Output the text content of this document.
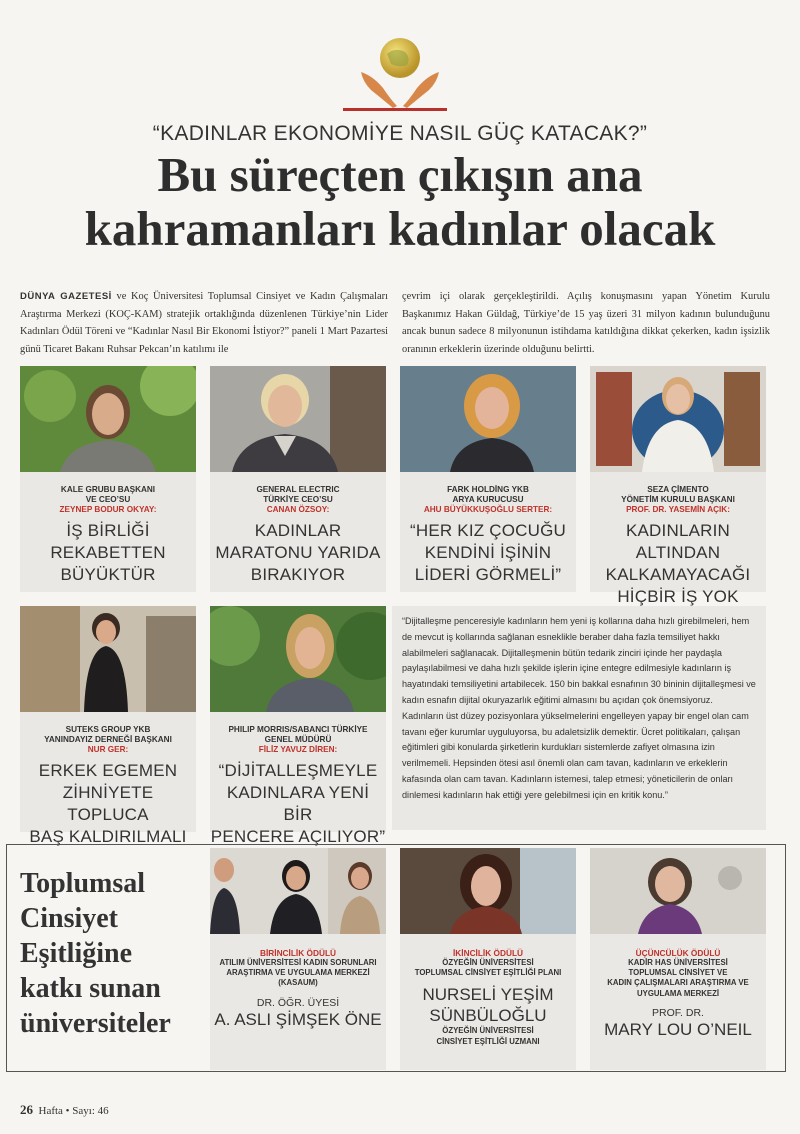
“KADINLAR EKONOMİYE NASIL GÜÇ KATACAK?”
Bu süreçten çıkışın ana
kahramanları kadınlar olacak
DÜNYA GAZETESİ ve Koç Üniversitesi Toplumsal Cinsiyet ve Kadın Çalışmaları Araştırma Merkezi (KOÇ-KAM) stratejik ortaklığında düzenlenen Türkiye’nin Lider Kadınları Ödül Töreni ve “Kadınlar Nasıl Bir Ekonomi İstiyor?” paneli 1 Mart Pazartesi günü Ticaret Bakanı Ruhsar Pekcan’ın katılımı ile
çevrim içi olarak gerçekleştirildi. Açılış konuşmasını yapan Yönetim Kurulu Başkanımız Hakan Güldağ, Türkiye’de 15 yaş üzeri 31 milyon kadının bulunduğunu ancak bunun sadece 8 milyonunun istihdama katıldığına dikkat çekerken, kadın işsizlik oranının erkeklerin üzerinde olduğunu belirtti.
KALE GRUBU BAŞKANI
VE CEO’SU
ZEYNEP BODUR OKYAY:
İŞ BİRLİĞİ
REKABETTEN
BÜYÜKTÜR
GENERAL ELECTRIC
TÜRKİYE CEO’SU
CANAN ÖZSOY:
KADINLAR
MARATONU YARIDA
BIRAKIYOR
FARK HOLDİNG YKB
ARYA KURUCUSU
AHU BÜYÜKKUŞOĞLU SERTER:
“HER KIZ ÇOCUĞU
KENDİNİ İŞİNİN
LİDERİ GÖRMELİ”
SEZA ÇİMENTO
YÖNETİM KURULU BAŞKANI
PROF. DR. YASEMİN AÇIK:
KADINLARIN ALTINDAN
KALKAMAYACAĞI
HİÇBİR İŞ YOK
SUTEKS GROUP YKB
YANINDAYIZ DERNEĞİ BAŞKANI
NUR GER:
ERKEK EGEMEN
ZİHNİYETE TOPLUCA
BAŞ KALDIRILMALI
PHILIP MORRIS/SABANCI TÜRKİYE
GENEL MÜDÜRÜ
FİLİZ YAVUZ DİREN:
“DİJİTALLEŞMEYLE
KADINLARA YENİ BİR
PENCERE AÇILIYOR”
“Dijitalleşme penceresiyle kadınların hem yeni iş kollarına daha hızlı girebilmeleri, hem de mevcut iş kollarında sağlanan esneklikle beraber daha fazla temsiliyet hakkı alabilmeleri sağlanacak. Dijitalleşmenin bütün tedarik zinciri içinde her paydaşla paylaşılabilmesi ve daha hızlı şekilde işlerin içine entegre edilmesiyle kadınların iş hayatındaki temsiliyetini artabilecek. 150 bin bakkal esnafının 30 bininin dijitalleşmesi ve kadın esnafın dijital okuryazarlık eğitimi almasını bu açıdan çok önemsiyoruz. Kadınların üst düzey pozisyonlara yükselmelerini engelleyen yapay bir engel olan cam tavanı eğer kurumlar uyguluyorsa, bu adaletsizlik demektir. Ücret politikaları, çalışan eğitimleri gibi konularda şirketlerin kurdukları sistemlerde zafiyet olmasına izin verilmemeli. Hepsinden ötesi asıl önemli olan cam tavan, kadınların ve erkeklerin kafasında olan cam tavan. Kadınların istemesi, talep etmesi; yöneticilerin de onları dinlemesi kadınların hak ettiği yere gelebilmesi için en kritik konu.”
Toplumsal
Cinsiyet
Eşitliğine
katkı sunan
üniversiteler
BİRİNCİLİK ÖDÜLÜ
ATILIM ÜNİVERSİTESİ KADIN SORUNLARI
ARAŞTIRMA VE UYGULAMA MERKEZİ
(KASAUM)
DR. ÖĞR. ÜYESİ
A. ASLI ŞİMŞEK ÖNE
İKİNCİLİK ÖDÜLÜ
ÖZYEĞİN ÜNİVERSİTESİ
TOPLUMSAL CİNSİYET EŞİTLİĞİ PLANI
NURSELİ YEŞİM
SÜNBÜLOĞLU
ÖZYEĞİN ÜNİVERSİTESİ
CİNSİYET EŞİTLİĞİ UZMANI
ÜÇÜNCÜLÜK ÖDÜLÜ
KADİR HAS ÜNİVERSİTESİ
TOPLUMSAL CİNSİYET VE
KADIN ÇALIŞMALARI ARAŞTIRMA VE
UYGULAMA MERKEZİ
PROF. DR.
MARY LOU O’NEIL
26 Hafta • Sayı: 46
